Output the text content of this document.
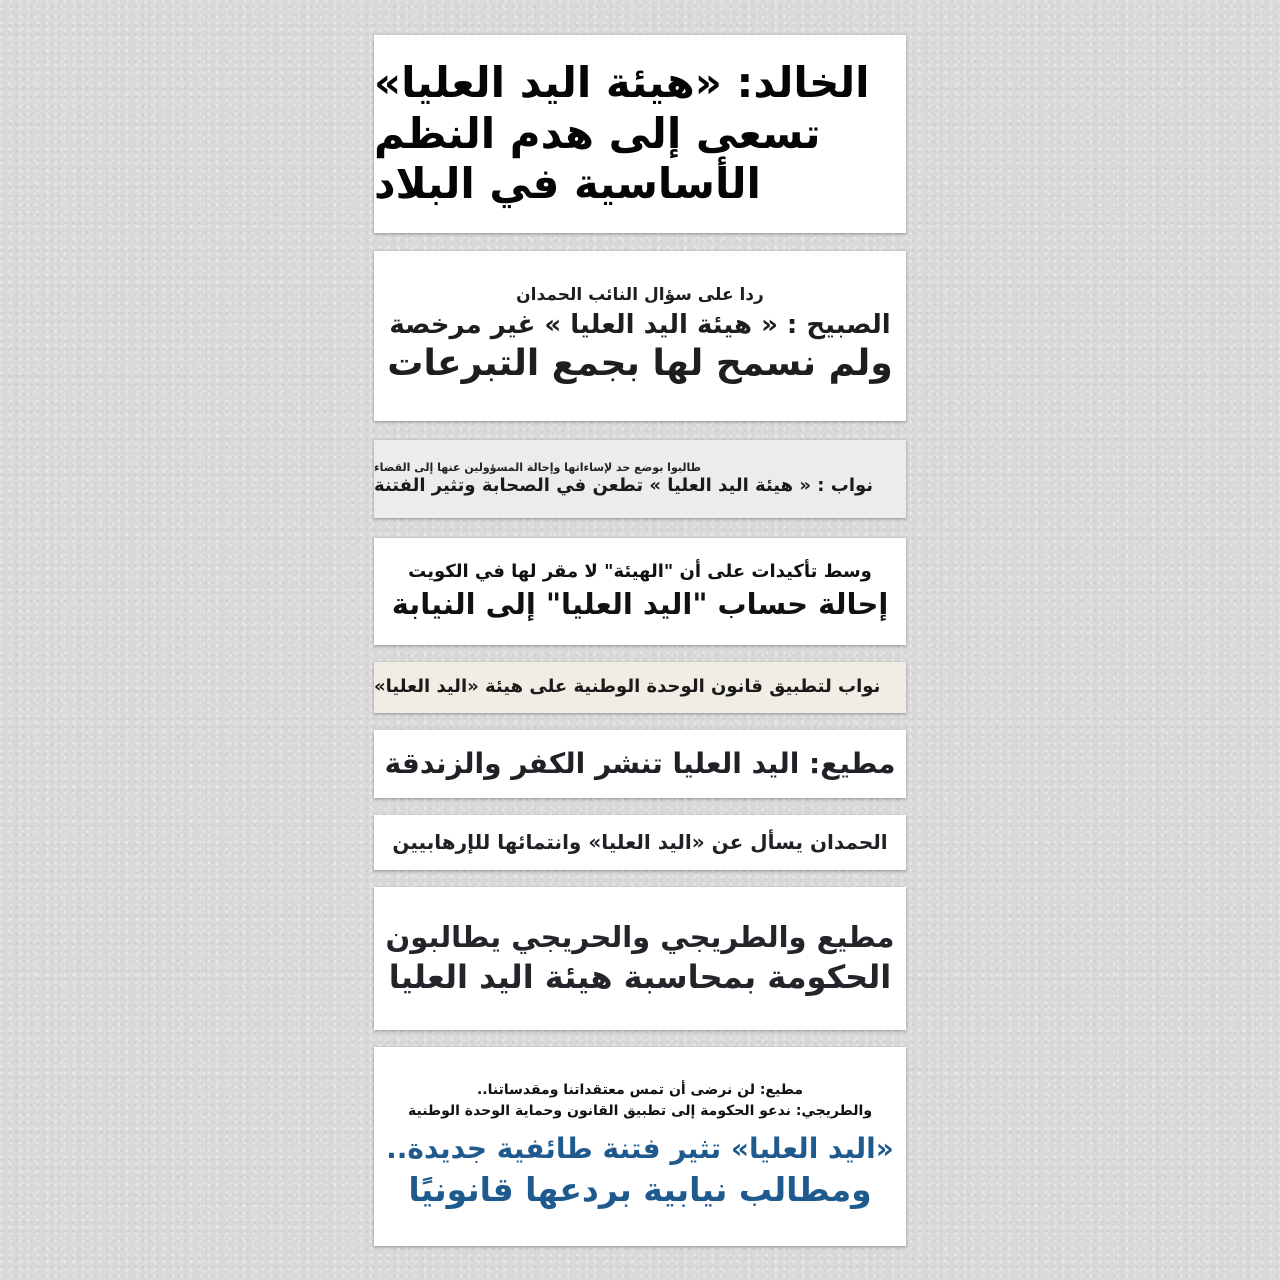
الخالد: «هيئة اليد العليا»
تسعى إلى هدم النظم
الأساسية في البلاد
ردا على سؤال النائب الحمدان
الصبيح : « هيئة اليد العليا » غير مرخصة
ولم نسمح لها بجمع التبرعات
طالبوا بوضع حد لإساءاتها وإحالة المسؤولين عنها إلى القضاء
نواب : « هيئة اليد العليا » تطعن في الصحابة وتثير الفتنة
وسط تأكيدات على أن "الهيئة" لا مقر لها في الكويت
إحالة حساب "اليد العليا" إلى النيابة
نواب لتطبيق قانون الوحدة الوطنية على هيئة «اليد العليا»
مطيع: اليد العليا تنشر الكفر والزندقة
الحمدان يسأل عن «اليد العليا» وانتمائها للإرهابيين
مطيع والطريجي والحريجي يطالبون
الحكومة بمحاسبة هيئة اليد العليا
مطيع: لن نرضى أن تمس معتقداتنا ومقدساتنا..
والطريجي: ندعو الحكومة إلى تطبيق القانون وحماية الوحدة الوطنية
«اليد العليا» تثير فتنة طائفية جديدة..
ومطالب نيابية بردعها قانونيًا
